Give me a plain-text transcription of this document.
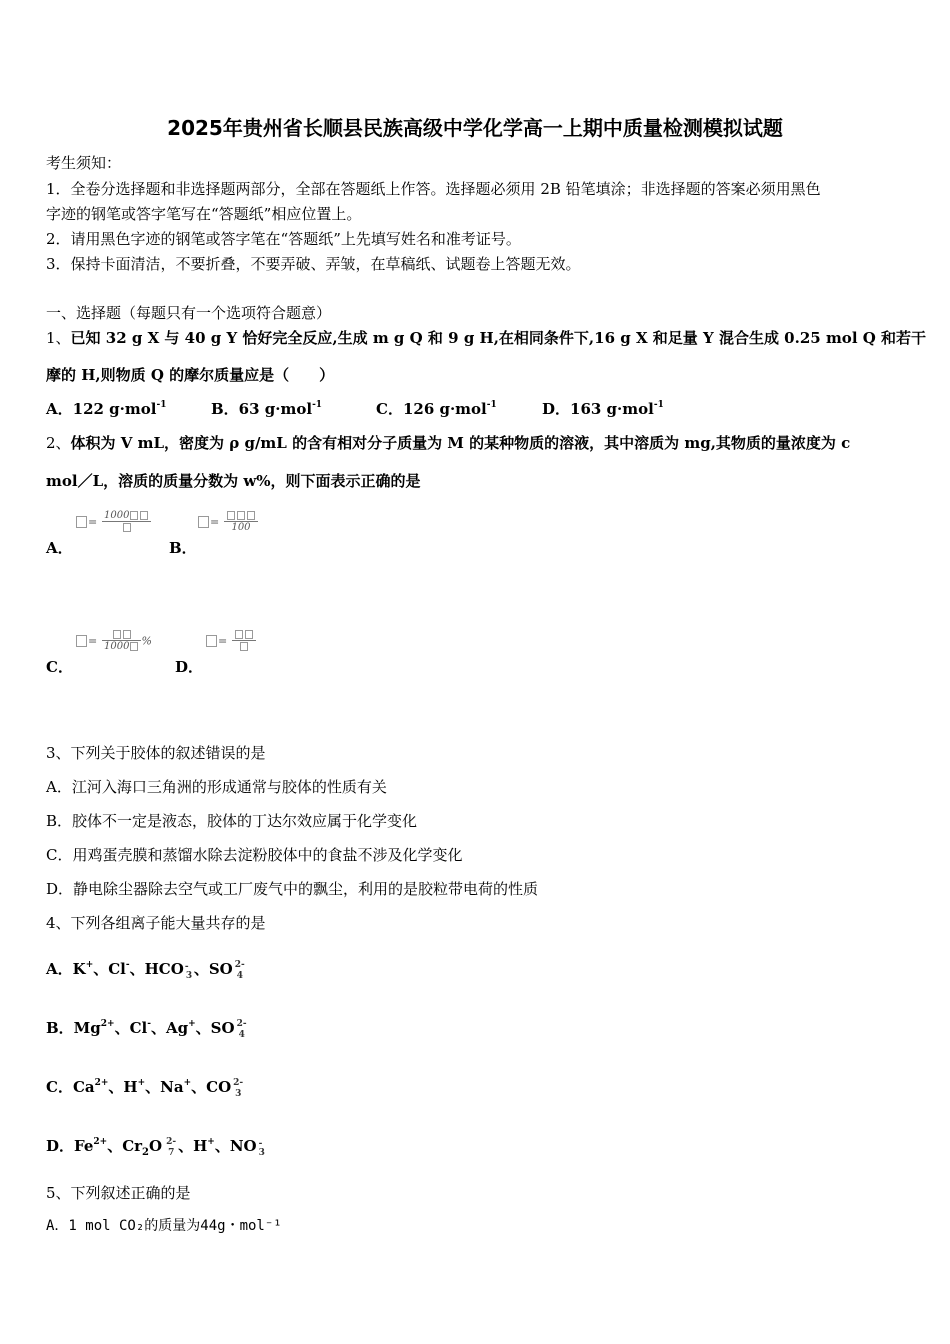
2025年贵州省长顺县民族高级中学化学高一上期中质量检测模拟试题
考生须知：
1．全卷分选择题和非选择题两部分，全部在答题纸上作答。选择题必须用 2B 铅笔填涂；非选择题的答案必须用黑色
字迹的钢笔或答字笔写在“答题纸”相应位置上。
2．请用黑色字迹的钢笔或答字笔在“答题纸”上先填写姓名和准考证号。
3．保持卡面清洁，不要折叠，不要弄破、弄皱，在草稿纸、试题卷上答题无效。
一、选择题（每题只有一个选项符合题意）
1、已知 32 g X 与 40 g Y 恰好完全反应,生成 m g Q 和 9 g H,在相同条件下,16 g X 和足量 Y 混合生成 0.25 mol Q 和若干
摩的 H,则物质 Q 的摩尔质量应是（　　）
A．122 g·mol$^{-1}$	B．63 g·mol$^{-1}$	C．126 g·mol$^{-1}$	D．163 g·mol$^{-1}$
2、体积为 V mL，密度为 ρ g/mL 的含有相对分子质量为 M 的某种物质的溶液，其中溶质为 mg,其物质的量浓度为 c
mol／L，溶质的质量分数为 w%，则下面表示正确的是
= 1000
A．
=	100
B．
= 1000	%
C．
=
D．
3、下列关于胶体的叙述错误的是
A．江河入海口三角洲的形成通常与胶体的性质有关
B．胶体不一定是液态，胶体的丁达尔效应属于化学变化
C．用鸡蛋壳膜和蒸馏水除去淀粉胶体中的食盐不涉及化学变化
D．静电除尘器除去空气或工厂废气中的飘尘，利用的是胶粒带电荷的性质
4、下列各组离子能大量共存的是
A．K+、Cl-、HCO -
3 、SO 2-
4
B．$Mg^{2+}$、Cl-、Ag+、SO 2-
4
C．$Ca^{2+}$、H+、Na+、CO 2-
3
D．$Fe^{2+}$、$Cr_2O$ 2-
7 、H+、NO -
3
5、下列叙述正确的是
A．1 mol CO₂的质量为44g・mol⁻¹
